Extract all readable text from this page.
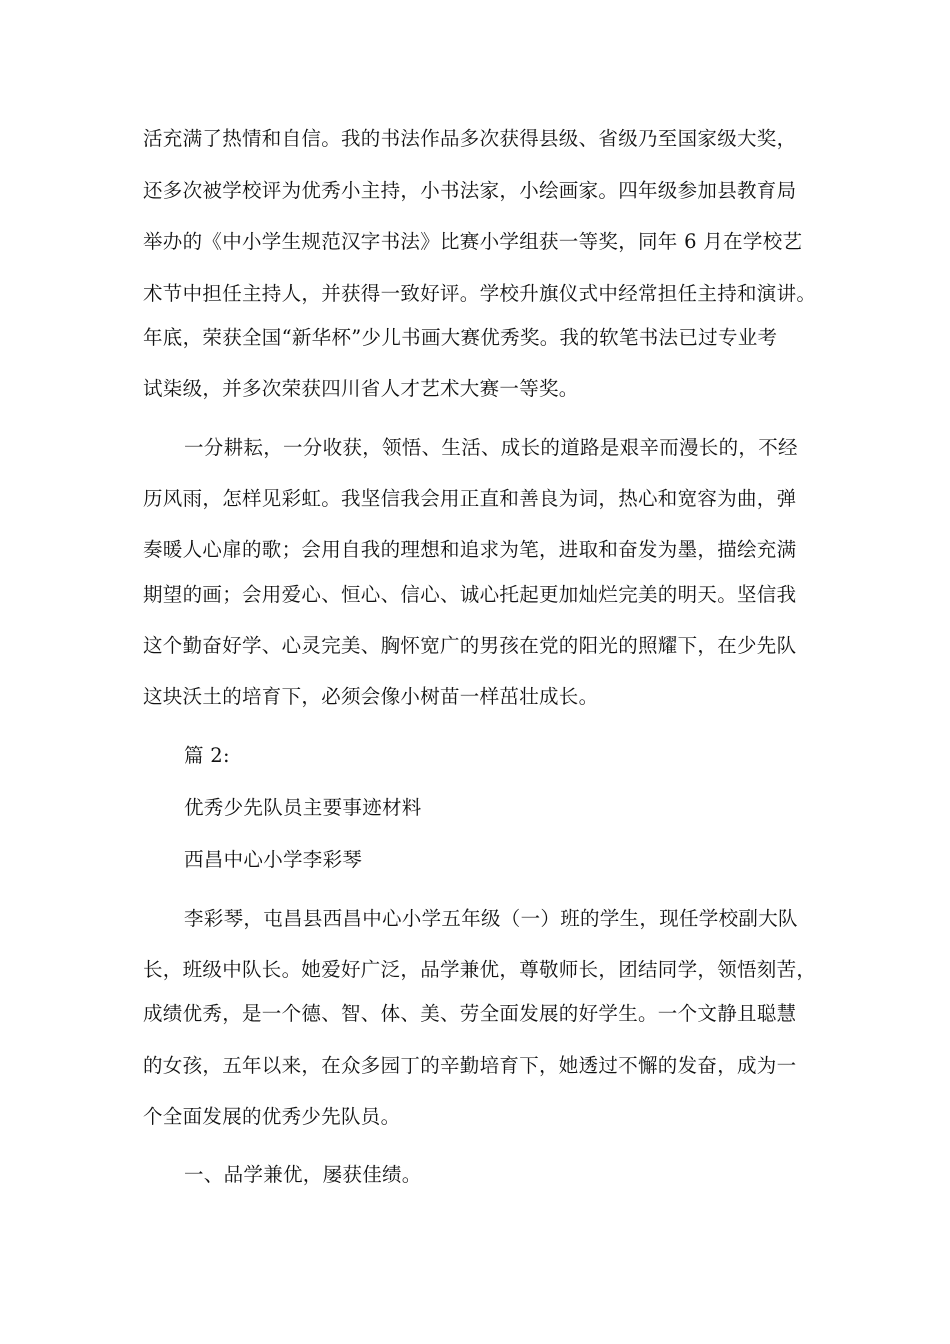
活充满了热情和自信。我的书法作品多次获得县级、省级乃至国家级大奖，
还多次被学校评为优秀小主持，小书法家，小绘画家。四年级参加县教育局
举办的《中小学生规范汉字书法》比赛小学组获一等奖，同年 6 月在学校艺
术节中担任主持人，并获得一致好评。学校升旗仪式中经常担任主持和演讲。
年底，荣获全国“新华杯”少儿书画大赛优秀奖。我的软笔书法已过专业考
试柒级，并多次荣获四川省人才艺术大赛一等奖。
一分耕耘，一分收获，领悟、生活、成长的道路是艰辛而漫长的，不经
历风雨，怎样见彩虹。我坚信我会用正直和善良为词，热心和宽容为曲，弹
奏暖人心扉的歌；会用自我的理想和追求为笔，进取和奋发为墨，描绘充满
期望的画；会用爱心、恒心、信心、诚心托起更加灿烂完美的明天。坚信我
这个勤奋好学、心灵完美、胸怀宽广的男孩在党的阳光的照耀下，在少先队
这块沃土的培育下，必须会像小树苗一样茁壮成长。
篇 2:
优秀少先队员主要事迹材料
西昌中心小学李彩琴
李彩琴，屯昌县西昌中心小学五年级（一）班的学生，现任学校副大队
长，班级中队长。她爱好广泛，品学兼优，尊敬师长，团结同学，领悟刻苦，
成绩优秀，是一个德、智、体、美、劳全面发展的好学生。一个文静且聪慧
的女孩，五年以来，在众多园丁的辛勤培育下，她透过不懈的发奋，成为一
个全面发展的优秀少先队员。
一、品学兼优，屡获佳绩。
